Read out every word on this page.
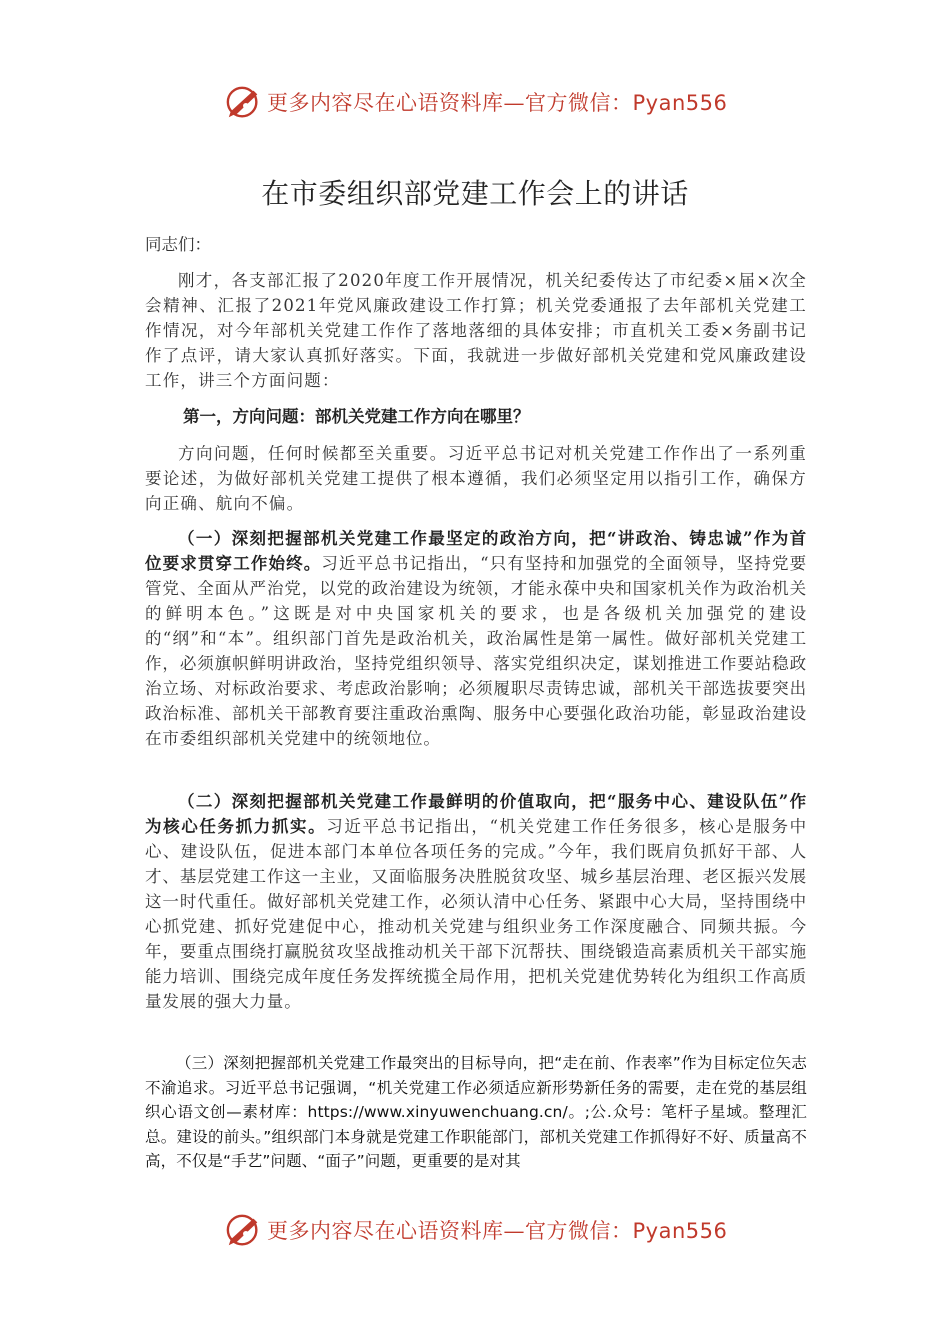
更多内容尽在心语资料库—官方微信：Pyan556
在市委组织部党建工作会上的讲话
同志们：
刚才，各支部汇报了2020年度工作开展情况，机关纪委传达了市纪委×届×次全会精神、汇报了2021年党风廉政建设工作打算；机关党委通报了去年部机关党建工作情况，对今年部机关党建工作作了落地落细的具体安排；市直机关工委×务副书记作了点评，请大家认真抓好落实。下面，我就进一步做好部机关党建和党风廉政建设工作，讲三个方面问题：
第一，方向问题：部机关党建工作方向在哪里？
方向问题，任何时候都至关重要。习近平总书记对机关党建工作作出了一系列重要论述，为做好部机关党建工提供了根本遵循，我们必须坚定用以指引工作，确保方向正确、航向不偏。
（一）深刻把握部机关党建工作最坚定的政治方向，把“讲政治、铸忠诚”作为首位要求贯穿工作始终。习近平总书记指出，“只有坚持和加强党的全面领导，坚持党要管党、全面从严治党，以党的政治建设为统领，才能永葆中央和国家机关作为政治机关的鲜明本色。”这既是对中央国家机关的要求，也是各级机关加强党的建设的“纲”和“本”。组织部门首先是政治机关，政治属性是第一属性。做好部机关党建工作，必须旗帜鲜明讲政治，坚持党组织领导、落实党组织决定，谋划推进工作要站稳政治立场、对标政治要求、考虑政治影响；必须履职尽责铸忠诚，部机关干部选拔要突出政治标准、部机关干部教育要注重政治熏陶、服务中心要强化政治功能，彰显政治建设在市委组织部机关党建中的统领地位。
（二）深刻把握部机关党建工作最鲜明的价值取向，把“服务中心、建设队伍”作为核心任务抓力抓实。习近平总书记指出，“机关党建工作任务很多，核心是服务中心、建设队伍，促进本部门本单位各项任务的完成。”今年，我们既肩负抓好干部、人才、基层党建工作这一主业，又面临服务决胜脱贫攻坚、城乡基层治理、老区振兴发展这一时代重任。做好部机关党建工作，必须认清中心任务、紧跟中心大局，坚持围绕中心抓党建、抓好党建促中心，推动机关党建与组织业务工作深度融合、同频共振。今年，要重点围绕打赢脱贫攻坚战推动机关干部下沉帮扶、围绕锻造高素质机关干部实施能力培训、围绕完成年度任务发挥统揽全局作用，把机关党建优势转化为组织工作高质量发展的强大力量。
（三）深刻把握部机关党建工作最突出的目标导向，把“走在前、作表率”作为目标定位矢志不渝追求。习近平总书记强调，“机关党建工作必须适应新形势新任务的需要，走在党的基层组织心语文创—素材库：https://www.xinyuwenchuang.cn/。;公.众号：笔杆子星域。整理汇总。建设的前头。”组织部门本身就是党建工作职能部门，部机关党建工作抓得好不好、质量高不高，不仅是“手艺”问题、“面子”问题，更重要的是对其
更多内容尽在心语资料库—官方微信：Pyan556
